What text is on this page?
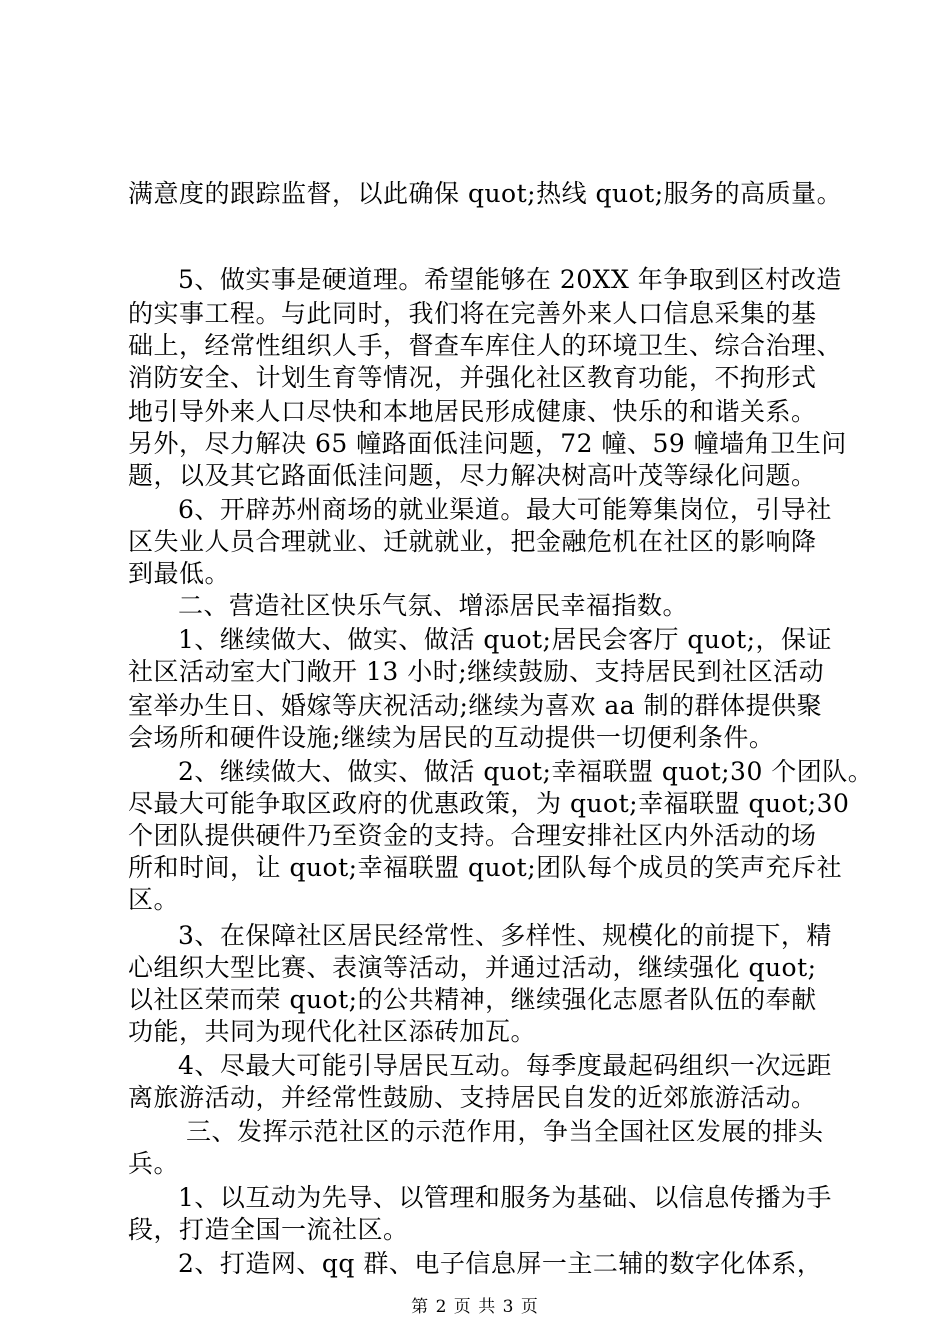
满意度的跟踪监督，以此确保 quot;热线 quot;服务的高质量。
5、做实事是硬道理。希望能够在 20XX 年争取到区村改造
的实事工程。与此同时，我们将在完善外来人口信息采集的基
础上，经常性组织人手，督查车库住人的环境卫生、综合治理、
消防安全、计划生育等情况，并强化社区教育功能，不拘形式
地引导外来人口尽快和本地居民形成健康、快乐的和谐关系。
另外，尽力解决 65 幢路面低洼问题，72 幢、59 幢墙角卫生问
题，以及其它路面低洼问题，尽力解决树高叶茂等绿化问题。
6、开辟苏州商场的就业渠道。最大可能筹集岗位，引导社
区失业人员合理就业、迁就就业，把金融危机在社区的影响降
到最低。
二、营造社区快乐气氛、增添居民幸福指数。
1、继续做大、做实、做活 quot;居民会客厅 quot;，保证
社区活动室大门敞开 13 小时;继续鼓励、支持居民到社区活动
室举办生日、婚嫁等庆祝活动;继续为喜欢 aa 制的群体提供聚
会场所和硬件设施;继续为居民的互动提供一切便利条件。
2、继续做大、做实、做活 quot;幸福联盟 quot;30 个团队。
尽最大可能争取区政府的优惠政策，为 quot;幸福联盟 quot;30
个团队提供硬件乃至资金的支持。合理安排社区内外活动的场
所和时间，让 quot;幸福联盟 quot;团队每个成员的笑声充斥社
区。
3、在保障社区居民经常性、多样性、规模化的前提下，精
心组织大型比赛、表演等活动，并通过活动，继续强化 quot;
以社区荣而荣 quot;的公共精神，继续强化志愿者队伍的奉献
功能，共同为现代化社区添砖加瓦。
4、尽最大可能引导居民互动。每季度最起码组织一次远距
离旅游活动，并经常性鼓励、支持居民自发的近郊旅游活动。
三、发挥示范社区的示范作用，争当全国社区发展的排头
兵。
1、以互动为先导、以管理和服务为基础、以信息传播为手
段，打造全国一流社区。
2、打造网、qq 群、电子信息屏一主二辅的数字化体系，
第 2 页 共 3 页
